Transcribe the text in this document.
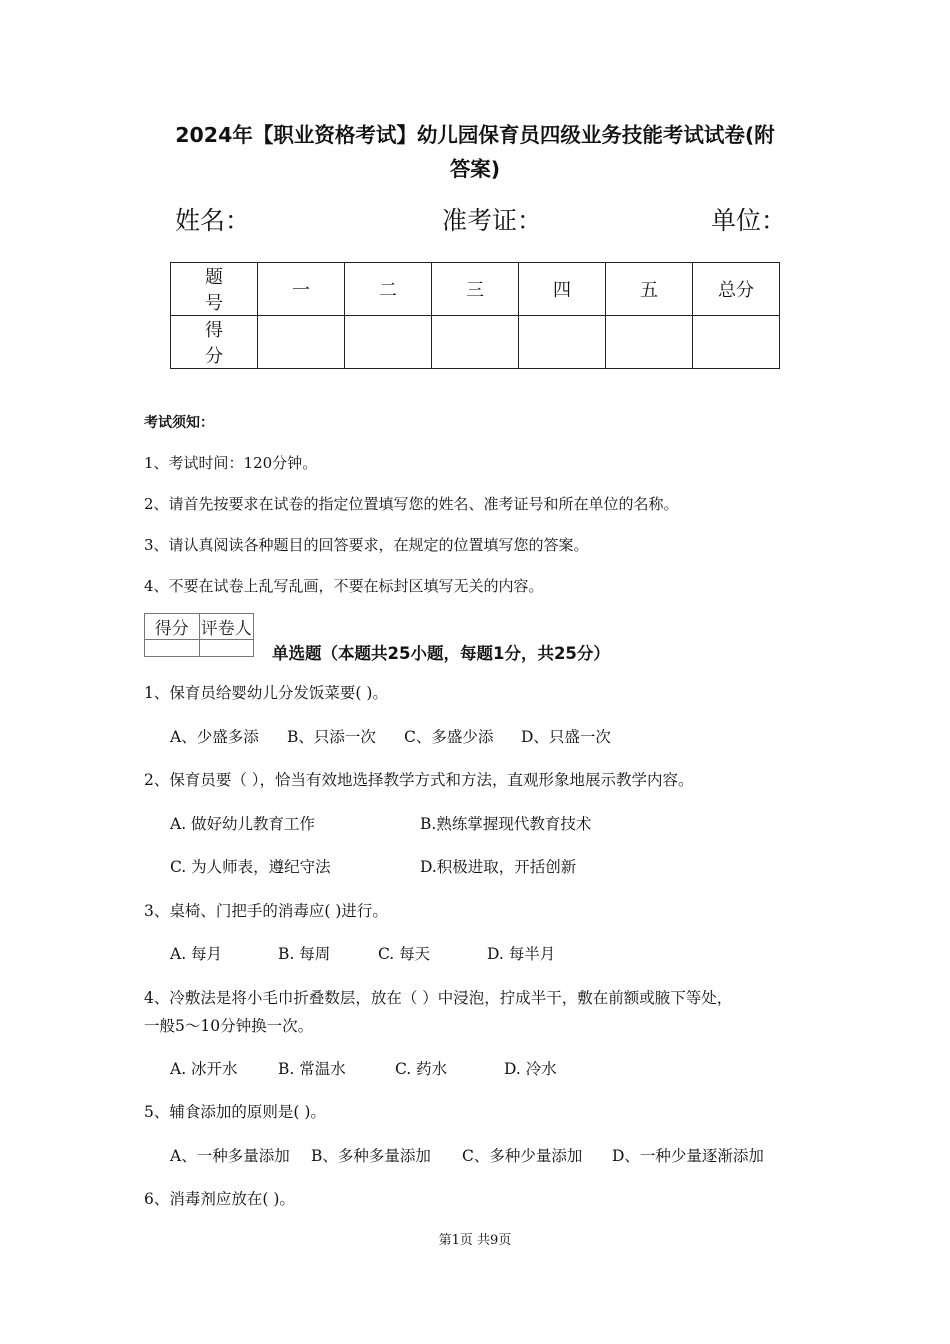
2024年【职业资格考试】幼儿园保育员四级业务技能考试试卷(附
答案)
姓名：	准考证：	单位：
题号	一	二	三	四	五	总分
得分						
考试须知：
1、考试时间：120分钟。
2、请首先按要求在试卷的指定位置填写您的姓名、准考证号和所在单位的名称。
3、请认真阅读各种题目的回答要求，在规定的位置填写您的答案。
4、不要在试卷上乱写乱画，不要在标封区填写无关的内容。
得分	评卷人

单选题（本题共25小题，每题1分，共25分）
1、保育员给婴幼儿分发饭菜要( )。
A、少盛多添 B、只添一次 C、多盛少添 D、只盛一次
2、保育员要（ ），恰当有效地选择教学方式和方法，直观形象地展示教学内容。
A. 做好幼儿教育工作	B.熟练掌握现代教育技术
C. 为人师表，遵纪守法	D.积极进取，开括创新
3、桌椅、门把手的消毒应( )进行。
A. 每月	B. 每周	C. 每天	D. 每半月
4、冷敷法是将小毛巾折叠数层，放在（ ）中浸泡，拧成半干，敷在前额或腋下等处，
一般5～10分钟换一次。
A. 冰开水	B. 常温水	C. 药水	D. 冷水
5、辅食添加的原则是( )。
A、一种多量添加 B、多种多量添加 C、多种少量添加 D、一种少量逐渐添加
6、消毒剂应放在( )。
第1页 共9页
